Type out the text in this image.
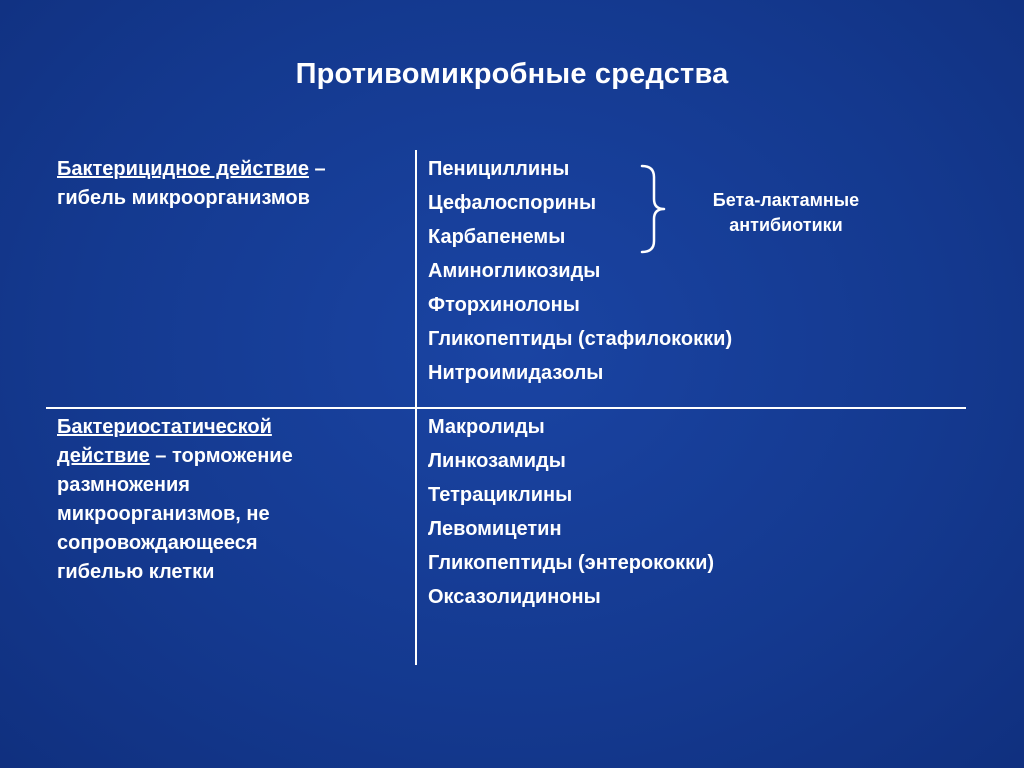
Противомикробные средства
Бактерицидное действие –
гибель микроорганизмов
Пенициллины
Цефалоспорины
Карбапенемы
Аминогликозиды
Фторхинолоны
Гликопептиды (стафилококки)
Нитроимидазолы
Бета-лактамные
антибиотики
Бактериостатической
действие – торможение
размножения
микроорганизмов, не
сопровождающееся
гибелью клетки
Макролиды
Линкозамиды
Тетрациклины
Левомицетин
Гликопептиды (энтерококки)
Оксазолидиноны
